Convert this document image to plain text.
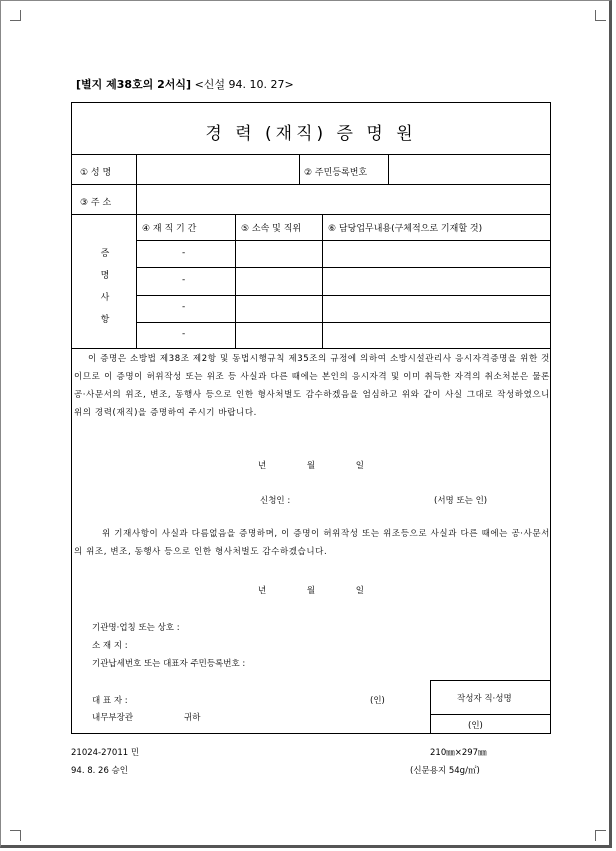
[별지 제38호의 2서식] <신설 94. 10. 27>
경 력 (재직) 증 명 원
① 성 명	② 주민등록번호
③ 주 소
증
명
사
항
④ 재 직 기 간	⑤ 소속 및 직위	⑥ 담당업무내용(구체적으로 기재할 것)
-
-
-
-
이 증명은 소방법 제38조 제2항 및 동법시행규칙 제35조의 규정에 의하여 소방시설관리사 응시자격증명을 위한 것이므로 이 증명이 허위작성 또는 위조 등 사실과 다른 때에는 본인의 응시자격 및 이미 취득한 자격의 취소처분은 물론 공·사문서의 위조, 변조, 동행사 등으로 인한 형사처벌도 감수하겠음을 엄심하고 위와 같이 사실 그대로 작성하였으니 위의 경력(재직)을 증명하여 주시기 바랍니다.
년 월 일
신청인 :	(서명 또는 인)
위 기재사항이 사실과 다름없음을 증명하며, 이 증명이 허위작성 또는 위조등으로 사실과 다른 때에는 공·사문서의 위조, 변조, 동행사 등으로 인한 형사처벌도 감수하겠습니다.
년 월 일
기관명·업칭 또는 상호 :
소 재 지 :
기관납세번호 또는 대표자 주민등록번호 :
대 표 자 :	(인)
내무부장관	귀하
작성자 직·성명
(인)
21024-27011 민
94. 8. 26 승인
210㎜×297㎜
(신문용지 54g/㎡)
